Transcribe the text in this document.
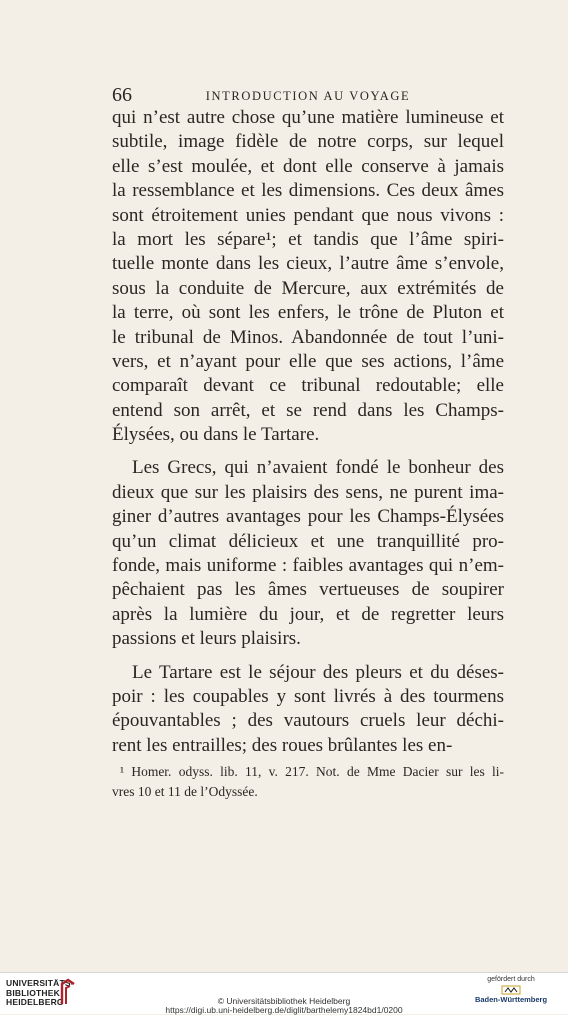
66	INTRODUCTION AU VOYAGE
qui n’est autre chose qu’une matière lumineuse et
subtile, image fidèle de notre corps, sur lequel
elle s’est moulée, et dont elle conserve à jamais
la ressemblance et les dimensions. Ces deux âmes
sont étroitement unies pendant que nous vivons :
la mort les sépare¹; et tandis que l’âme spiri-
tuelle monte dans les cieux, l’autre âme s’envole,
sous la conduite de Mercure, aux extrémités de
la terre, où sont les enfers, le trône de Pluton et
le tribunal de Minos. Abandonnée de tout l’uni-
vers, et n’ayant pour elle que ses actions, l’âme
comparaît devant ce tribunal redoutable; elle
entend son arrêt, et se rend dans les Champs-
Élysées, ou dans le Tartare.
Les Grecs, qui n’avaient fondé le bonheur des
dieux que sur les plaisirs des sens, ne purent ima-
giner d’autres avantages pour les Champs-Élysées
qu’un climat délicieux et une tranquillité pro-
fonde, mais uniforme : faibles avantages qui n’em-
pêchaient pas les âmes vertueuses de soupirer
après la lumière du jour, et de regretter leurs
passions et leurs plaisirs.
Le Tartare est le séjour des pleurs et du déses-
poir : les coupables y sont livrés à des tourmens
épouvantables ; des vautours cruels leur déchi-
rent les entrailles; des roues brûlantes les en-
¹ Homer. odyss. lib. 11, v. 217. Not. de Mme Dacier sur les li-
vres 10 et 11 de l’Odyssée.
UNIVERSITÄTS-
BIBLIOTHEK
HEIDELBERG	© Universitätsbibliothek Heidelberg
https://digi.ub.uni-heidelberg.de/diglit/barthelemy1824bd1/0200
gefördert durch
Baden-Württemberg
